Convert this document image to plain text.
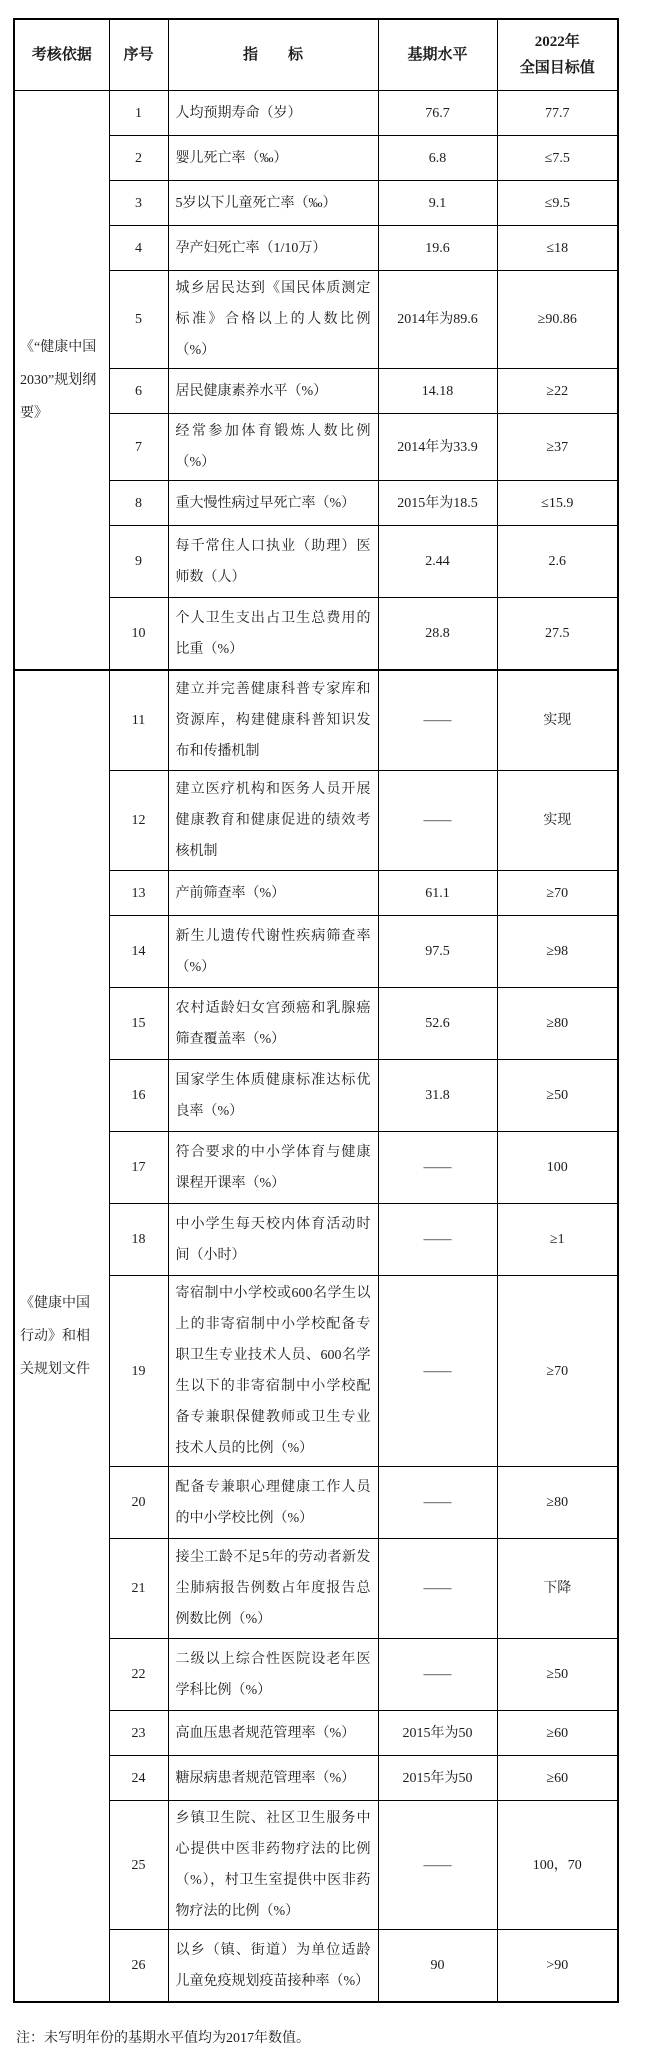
考核依据	序号	指　　标	基期水平	2022年
全国目标值

《“健康中国2030”规划纲要》	1	人均预期寿命（岁）	76.7	77.7
	2	婴儿死亡率（‰）	6.8	≤7.5
	3	5岁以下儿童死亡率（‰）	9.1	≤9.5
	4	孕产妇死亡率（1/10万）	19.6	≤18
	5	城乡居民达到《国民体质测定标准》合格以上的人数比例（%）	2014年为89.6	≥90.86
	6	居民健康素养水平（%）	14.18	≥22
	7	经常参加体育锻炼人数比例（%）	2014年为33.9	≥37
	8	重大慢性病过早死亡率（%）	2015年为18.5	≤15.9
	9	每千常住人口执业（助理）医师数（人）	2.44	2.6
	10	个人卫生支出占卫生总费用的比重（%）	28.8	27.5
《健康中国行动》和相关规划文件	11	建立并完善健康科普专家库和资源库，构建健康科普知识发布和传播机制	——	实现
	12	建立医疗机构和医务人员开展健康教育和健康促进的绩效考核机制	——	实现
	13	产前筛查率（%）	61.1	≥70
	14	新生儿遗传代谢性疾病筛查率（%）	97.5	≥98
	15	农村适龄妇女宫颈癌和乳腺癌筛查覆盖率（%）	52.6	≥80
	16	国家学生体质健康标准达标优良率（%）	31.8	≥50
	17	符合要求的中小学体育与健康课程开课率（%）	——	100
	18	中小学生每天校内体育活动时间（小时）	——	≥1
	19	寄宿制中小学校或600名学生以上的非寄宿制中小学校配备专职卫生专业技术人员、600名学生以下的非寄宿制中小学校配备专兼职保健教师或卫生专业技术人员的比例（%）	——	≥70
	20	配备专兼职心理健康工作人员的中小学校比例（%）	——	≥80
	21	接尘工龄不足5年的劳动者新发尘肺病报告例数占年度报告总例数比例（%）	——	下降
	22	二级以上综合性医院设老年医学科比例（%）	——	≥50
	23	高血压患者规范管理率（%）	2015年为50	≥60
	24	糖尿病患者规范管理率（%）	2015年为50	≥60
	25	乡镇卫生院、社区卫生服务中心提供中医非药物疗法的比例（%），村卫生室提供中医非药物疗法的比例（%）	——	100，70
	26	以乡（镇、街道）为单位适龄儿童免疫规划疫苗接种率（%）	90	>90

注：未写明年份的基期水平值均为2017年数值。
